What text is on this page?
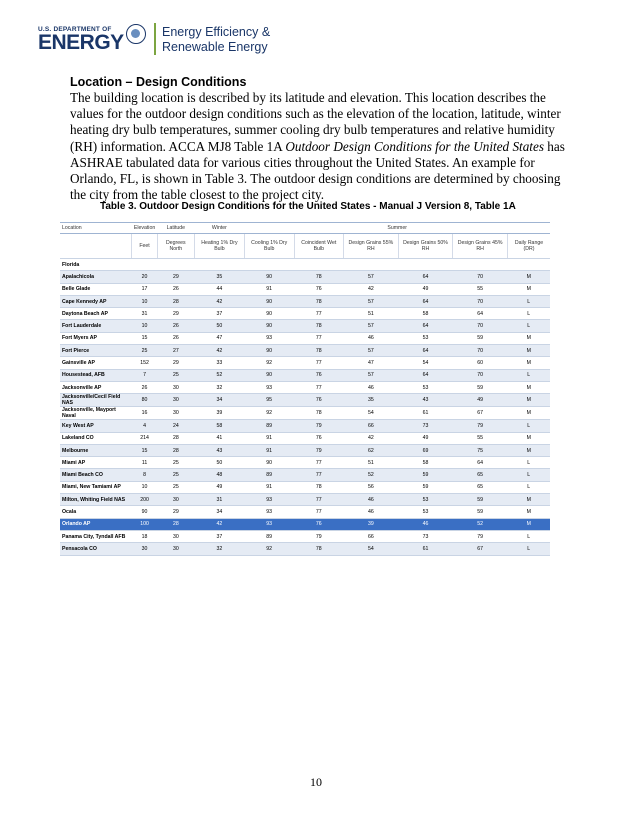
U.S. DEPARTMENT OF
ENERGY	Energy Efficiency &
Renewable Energy

Location – Design Conditions

The building location is described by its latitude and elevation. This location describes the values for the outdoor design conditions such as the elevation of the location, latitude, winter heating dry bulb temperatures, summer cooling dry bulb temperatures and relative humidity (RH) information. ACCA MJ8 Table 1A Outdoor Design Conditions for the United States has ASHRAE tabulated data for various cities throughout the United States. An example for Orlando, FL, is shown in Table 3. The outdoor design conditions are determined by choosing the city from the table closest to the project city.

Table 3. Outdoor Design Conditions for the United States - Manual J Version 8, Table 1A
Location	Elevation	Latitude	Winter	Summer					
	Feet	Degrees North	Heating 1% Dry Bulb	Cooling 1% Dry Bulb	Coincident Wet Bulb	Design Grains 55% RH	Design Grains 50% RH	Design Grains 45% RH	Daily Range (DR)
Florida									
Apalachicola	20	29	35	90	78	57	64	70	M
Belle Glade	17	26	44	91	76	42	49	55	M
Cape Kennedy AP	10	28	42	90	78	57	64	70	L
Daytona Beach AP	31	29	37	90	77	51	58	64	L
Fort Lauderdale	10	26	50	90	78	57	64	70	L
Fort Myers AP	15	26	47	93	77	46	53	59	M
Fort Pierce	25	27	42	90	78	57	64	70	M
Gainsville AP	152	29	33	92	77	47	54	60	M
Housestead, AFB	7	25	52	90	76	57	64	70	L
Jacksonville AP	26	30	32	93	77	46	53	59	M
Jacksonville/Cecil Field NAS	80	30	34	95	76	35	43	49	M
Jacksonville, Mayport Naval	16	30	39	92	78	54	61	67	M
Key West AP	4	24	58	89	79	66	73	79	L
Lakeland CO	214	28	41	91	76	42	49	55	M
Melbourne	15	28	43	91	79	62	69	75	M
Miami AP	11	25	50	90	77	51	58	64	L
Miami Beach CO	8	25	48	89	77	52	59	65	L
Miami, New Tamiami AP	10	25	49	91	78	56	59	65	L
Milton, Whiting Field NAS	200	30	31	93	77	46	53	59	M
Ocala	90	29	34	93	77	46	53	59	M
Orlando AP	100	28	42	93	76	39	46	52	M
Panama City, Tyndall AFB	18	30	37	89	79	66	73	79	L
Pensacola CO	30	30	32	92	78	54	61	67	L
10
